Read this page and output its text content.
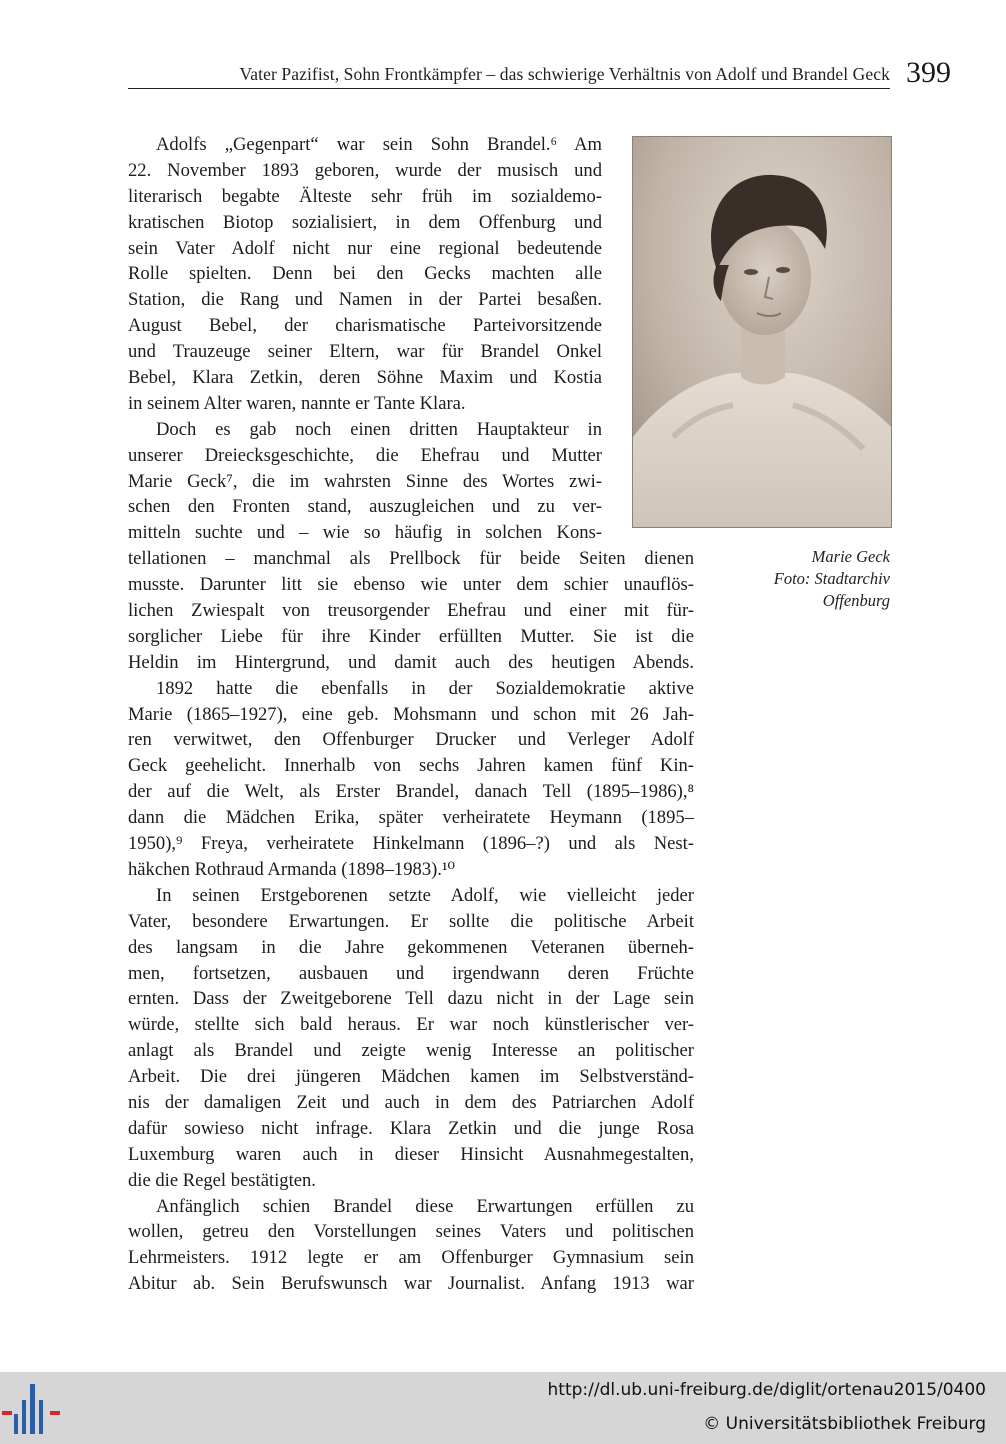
Vater Pazifist, Sohn Frontkämpfer – das schwierige Verhältnis von Adolf und Brandel Geck 399
Marie Geck
Foto: Stadtarchiv
Offenburg
Adolfs „Gegenpart“ war sein Sohn Brandel.⁶ Am
22. November 1893 geboren, wurde der musisch und
literarisch begabte Älteste sehr früh im sozialdemo-
kratischen Biotop sozialisiert, in dem Offenburg und
sein Vater Adolf nicht nur eine regional bedeutende
Rolle spielten. Denn bei den Gecks machten alle
Station, die Rang und Namen in der Partei besaßen.
August Bebel, der charismatische Parteivorsitzende
und Trauzeuge seiner Eltern, war für Brandel Onkel
Bebel, Klara Zetkin, deren Söhne Maxim und Kostia
in seinem Alter waren, nannte er Tante Klara.
Doch es gab noch einen dritten Hauptakteur in
unserer Dreiecksgeschichte, die Ehefrau und Mutter
Marie Geck⁷, die im wahrsten Sinne des Wortes zwi-
schen den Fronten stand, auszugleichen und zu ver-
mitteln suchte und – wie so häufig in solchen Kons-
tellationen – manchmal als Prellbock für beide Seiten dienen
musste. Darunter litt sie ebenso wie unter dem schier unauflös-
lichen Zwiespalt von treusorgender Ehefrau und einer mit für-
sorglicher Liebe für ihre Kinder erfüllten Mutter. Sie ist die
Heldin im Hintergrund, und damit auch des heutigen Abends.
1892 hatte die ebenfalls in der Sozialdemokratie aktive
Marie (1865–1927), eine geb. Mohsmann und schon mit 26 Jah-
ren verwitwet, den Offenburger Drucker und Verleger Adolf
Geck geehelicht. Innerhalb von sechs Jahren kamen fünf Kin-
der auf die Welt, als Erster Brandel, danach Tell (1895–1986),⁸
dann die Mädchen Erika, später verheiratete Heymann (1895–
1950),⁹ Freya, verheiratete Hinkelmann (1896–?) und als Nest-
häkchen Rothraud Armanda (1898–1983).¹⁰
In seinen Erstgeborenen setzte Adolf, wie vielleicht jeder
Vater, besondere Erwartungen. Er sollte die politische Arbeit
des langsam in die Jahre gekommenen Veteranen überneh-
men, fortsetzen, ausbauen und irgendwann deren Früchte
ernten. Dass der Zweitgeborene Tell dazu nicht in der Lage sein
würde, stellte sich bald heraus. Er war noch künstlerischer ver-
anlagt als Brandel und zeigte wenig Interesse an politischer
Arbeit. Die drei jüngeren Mädchen kamen im Selbstverständ-
nis der damaligen Zeit und auch in dem des Patriarchen Adolf
dafür sowieso nicht infrage. Klara Zetkin und die junge Rosa
Luxemburg waren auch in dieser Hinsicht Ausnahmegestalten,
die die Regel bestätigten.
Anfänglich schien Brandel diese Erwartungen erfüllen zu
wollen, getreu den Vorstellungen seines Vaters und politischen
Lehrmeisters. 1912 legte er am Offenburger Gymnasium sein
Abitur ab. Sein Berufswunsch war Journalist. Anfang 1913 war
http://dl.ub.uni-freiburg.de/diglit/ortenau2015/0400
© Universitätsbibliothek Freiburg
